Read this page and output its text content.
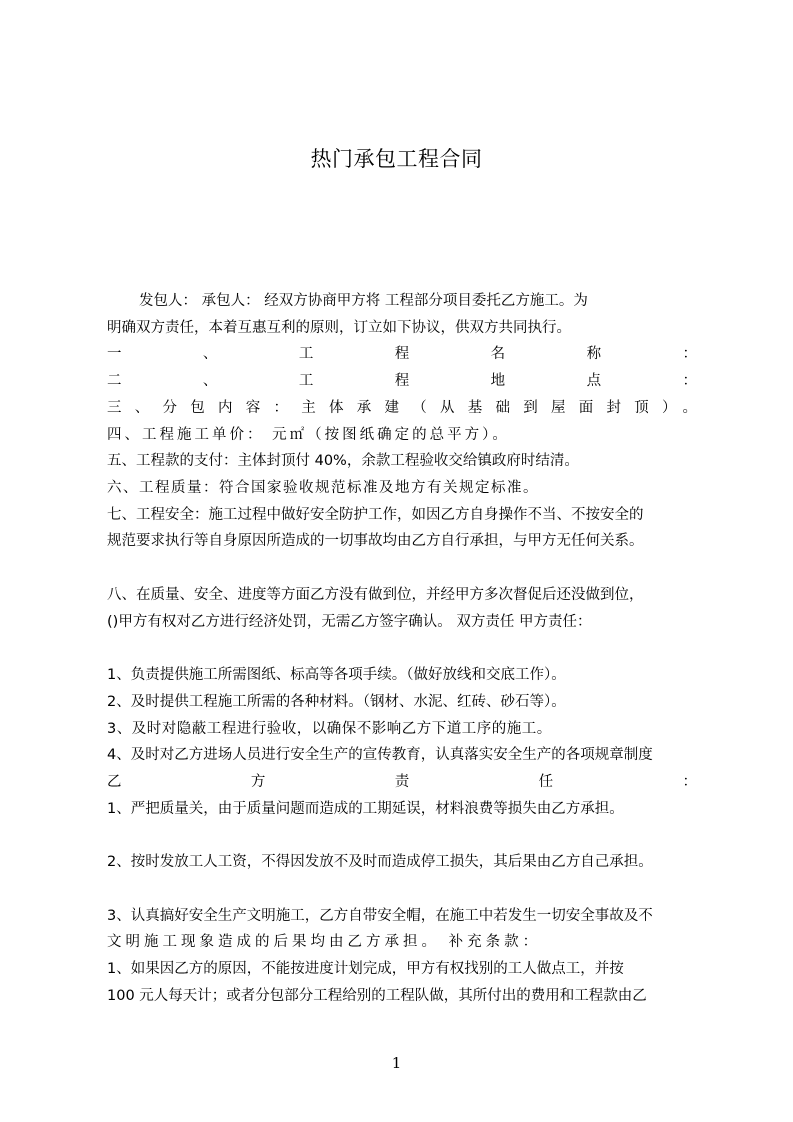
热门承包工程合同
发包人： 承包人： 经双方协商甲方将 工程部分项目委托乙方施工。为
明确双方责任，本着互惠互利的原则，订立如下协议，供双方共同执行。
一、工程名称：
二、工程地点：
三、分包内容：主体承建（从基础到屋面封顶）。
四、工程施工单价： 元㎡（按图纸确定的总平方）。
五、工程款的支付：主体封顶付 40%，余款工程验收交给镇政府时结清。
六、工程质量：符合国家验收规范标准及地方有关规定标准。
七、工程安全：施工过程中做好安全防护工作，如因乙方自身操作不当、不按安全的
规范要求执行等自身原因所造成的一切事故均由乙方自行承担，与甲方无任何关系。
八、在质量、安全、进度等方面乙方没有做到位，并经甲方多次督促后还没做到位，
()甲方有权对乙方进行经济处罚，无需乙方签字确认。 双方责任 甲方责任：
1、负责提供施工所需图纸、标高等各项手续。（做好放线和交底工作）。
2、及时提供工程施工所需的各种材料。（钢材、水泥、红砖、砂石等）。
3、及时对隐蔽工程进行验收，以确保不影响乙方下道工序的施工。
4、及时对乙方进场人员进行安全生产的宣传教育，认真落实安全生产的各项规章制度
乙方责任：
1、严把质量关，由于质量问题而造成的工期延误，材料浪费等损失由乙方承担。
2、按时发放工人工资，不得因发放不及时而造成停工损失，其后果由乙方自己承担。
3、认真搞好安全生产文明施工，乙方自带安全帽，在施工中若发生一切安全事故及不
文明施工现象造成的后果均由乙方承担。 补充条款：
1、如果因乙方的原因，不能按进度计划完成，甲方有权找别的工人做点工，并按
100 元人每天计；或者分包部分工程给别的工程队做，其所付出的费用和工程款由乙
1
